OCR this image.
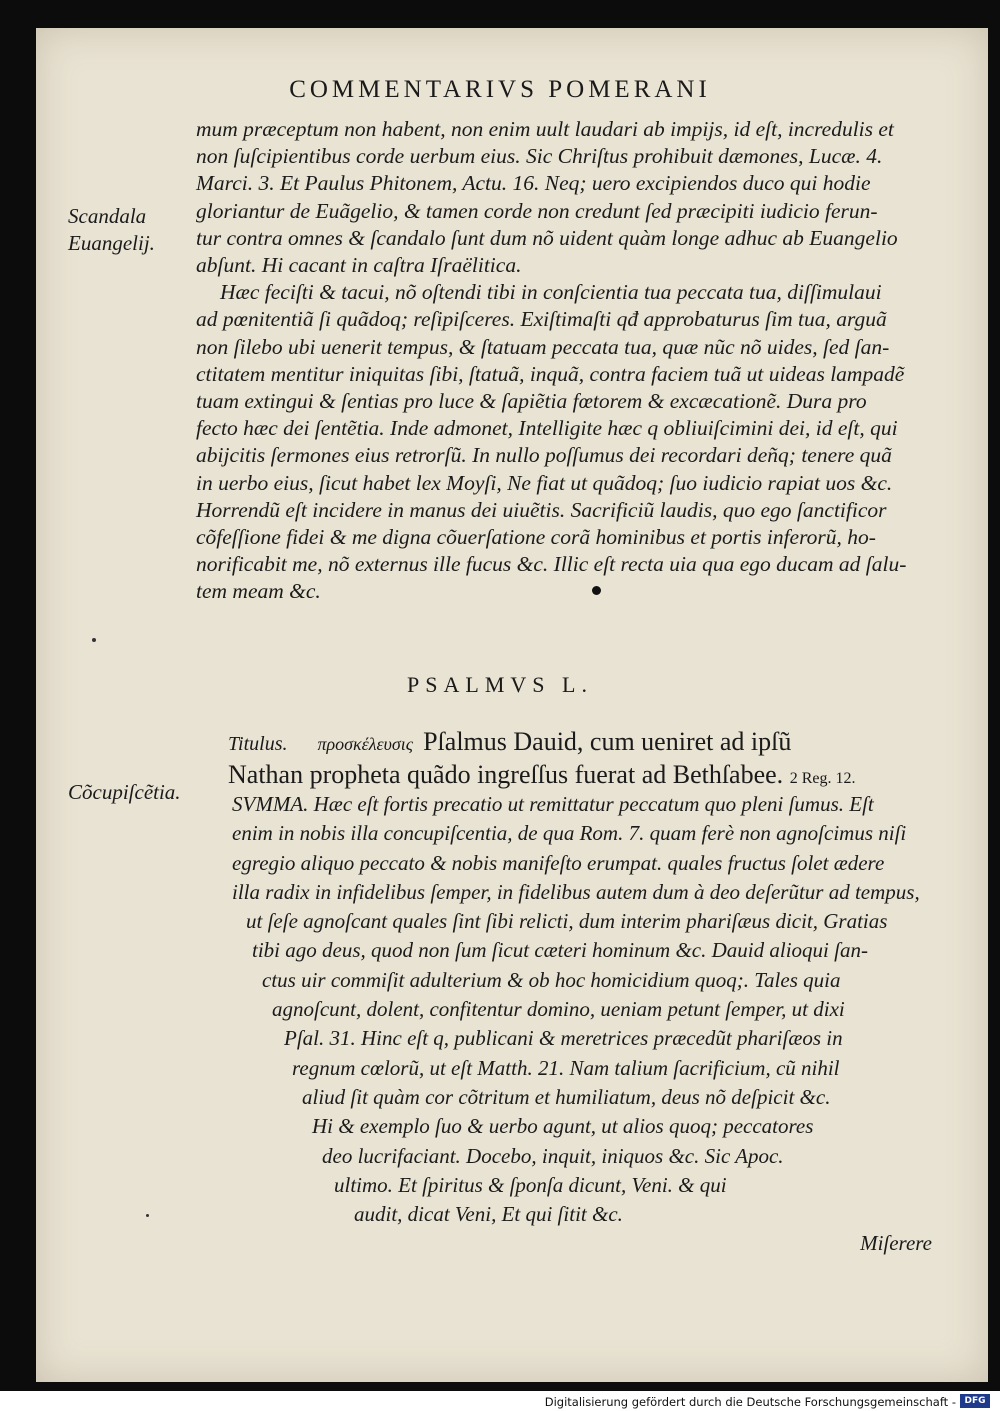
COMMENTARIVS POMERANI
Scandala
Euangelij.
mum præceptum non habent, non enim uult laudari ab impijs, id eſt, incredulis et
non ſuſcipientibus corde uerbum eius. Sic Chriſtus prohibuit dæmones, Lucæ. 4.
Marci. 3. Et Paulus Phitonem, Actu. 16. Neq; uero excipiendos duco qui hodie
gloriantur de Euãgelio, & tamen corde non credunt ſed præcipiti iudicio ferun-
tur contra omnes & ſcandalo ſunt dum nõ uident quàm longe adhuc ab Euangelio
abſunt. Hi cacant in caſtra Iſraëlitica.
Hæc feciſti & tacui, nõ oſtendi tibi in conſcientia tua peccata tua, diſſimulaui
ad pœnitentiã ſi quãdoq; reſipiſceres. Exiſtimaſti qđ approbaturus ſim tua, arguã
non ſilebo ubi uenerit tempus, & ſtatuam peccata tua, quæ nũc nõ uides, ſed ſan-
ctitatem mentitur iniquitas ſibi, ſtatuã, inquã, contra faciem tuã ut uideas lampadẽ
tuam extingui & ſentias pro luce & ſapiẽtia fœtorem & excæcationẽ. Dura pro
fecto hæc dei ſentẽtia. Inde admonet, Intelligite hæc q obliuiſcimini dei, id eſt, qui
abijcitis ſermones eius retrorſũ. In nullo poſſumus dei recordari deñq; tenere quã
in uerbo eius, ſicut habet lex Moyſi, Ne fiat ut quãdoq; ſuo iudicio rapiat uos &c.
Horrendũ eſt incidere in manus dei uiuẽtis. Sacrificiũ laudis, quo ego ſanctificor
cõfeſſione fidei & me digna cõuerſatione corã hominibus et portis inferorũ, ho-
norificabit me, nõ externus ille fucus &c. Illic eſt recta uia qua ego ducam ad ſalu-
tem meam &c.
PSALMVS L.
Titulus. προσκέλευσις Pſalmus Dauid, cum ueniret ad ipſũ
Cõcupiſcẽtia.
Nathan propheta quãdo ingreſſus fuerat ad Bethſabee. 2 Reg. 12.
SVMMA. Hæc eſt fortis precatio ut remittatur peccatum quo pleni ſumus. Eſt
enim in nobis illa concupiſcentia, de qua Rom. 7. quam ferè non agnoſcimus niſi
egregio aliquo peccato & nobis manifeſto erumpat. quales fructus ſolet ædere
illa radix in infidelibus ſemper, in fidelibus autem dum à deo deſerũtur ad tempus,
ut ſeſe agnoſcant quales ſint ſibi relicti, dum interim phariſæus dicit, Gratias
tibi ago deus, quod non ſum ſicut cæteri hominum &c. Dauid alioqui ſan-
ctus uir commiſit adulterium & ob hoc homicidium quoq;. Tales quia
agnoſcunt, dolent, confitentur domino, ueniam petunt ſemper, ut dixi
Pſal. 31. Hinc eſt q, publicani & meretrices præcedũt phariſæos in
regnum cœlorũ, ut eſt Matth. 21. Nam talium ſacrificium, cũ nihil
aliud ſit quàm cor cõtritum et humiliatum, deus nõ deſpicit &c.
Hi & exemplo ſuo & uerbo agunt, ut alios quoq; peccatores
deo lucrifaciant. Docebo, inquit, iniquos &c. Sic Apoc.
ultimo. Et ſpiritus & ſponſa dicunt, Veni. & qui
audit, dicat Veni, Et qui ſitit &c.
Miſerere
Digitalisierung gefördert durch die Deutsche Forschungsgemeinschaft - DFG
